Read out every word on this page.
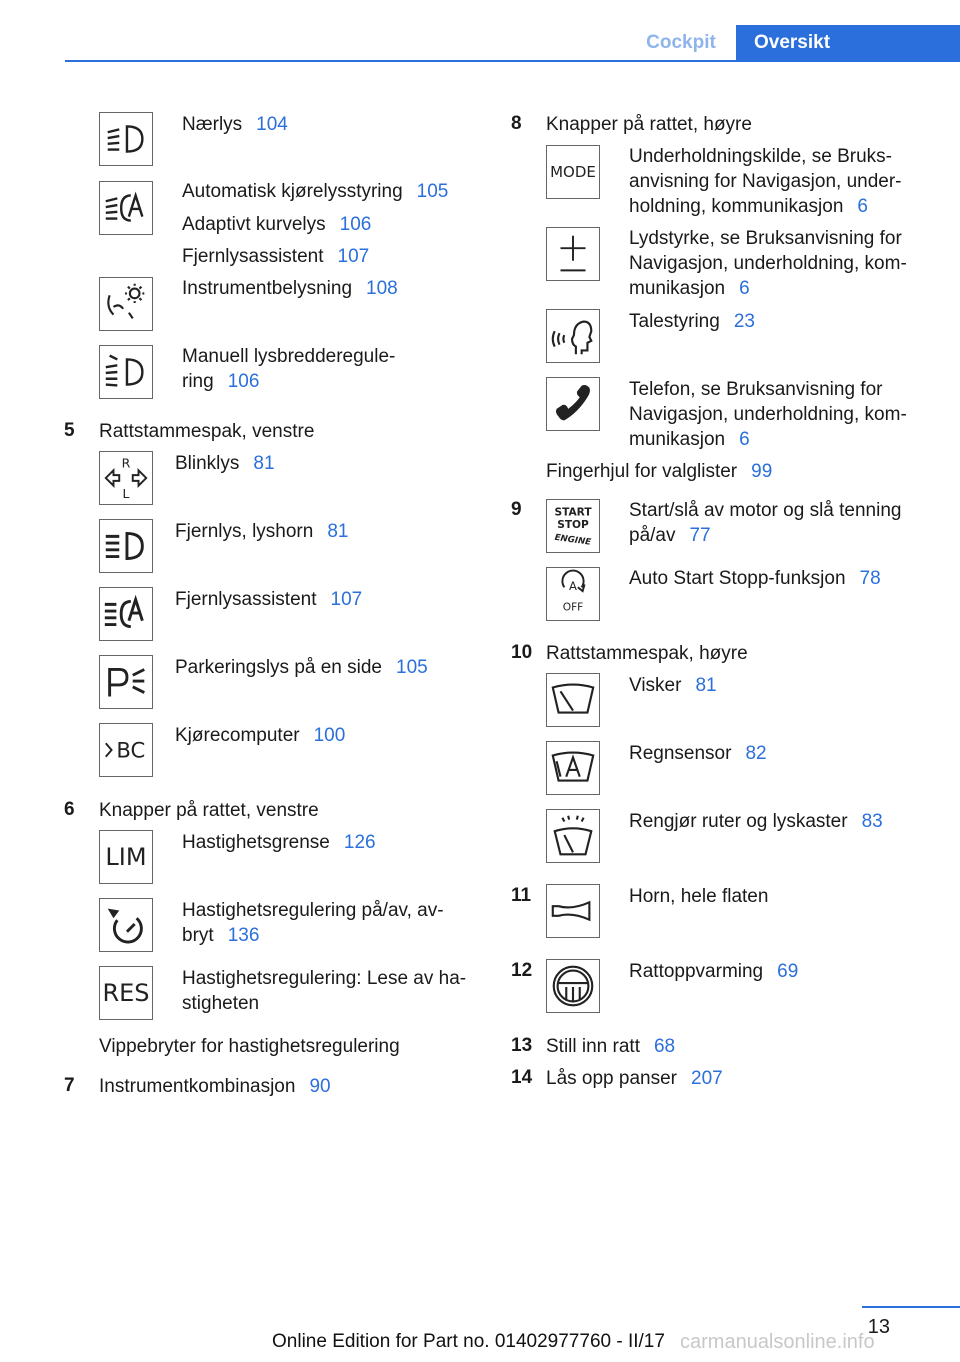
Cockpit	Oversikt
Nærlys 104
Automatisk kjørelysstyring 105
Adaptivt kurvelys 106
Fjernlysassistent 107
Instrumentbelysning 108
Manuell lysbredderegule-
ring 106
5 Rattstammespak, venstre
R
L
Blinklys 81
Fjernlys, lyshorn 81
Fjernlysassistent 107
Parkeringslys på en side 105
BC
Kjørecomputer 100
6 Knapper på rattet, venstre
LIM
Hastighetsgrense 126
Hastighetsregulering på/av, av-
bryt 136
RES
Hastighetsregulering: Lese av ha-
stigheten
Vippebryter for hastighetsregulering
7 Instrumentkombinasjon 90
8 Knapper på rattet, høyre
MODE
Underholdningskilde, se Bruks-
anvisning for Navigasjon, under-
holdning, kommunikasjon 6
Lydstyrke, se Bruksanvisning for
Navigasjon, underholdning, kom-
munikasjon 6
Talestyring 23
Telefon, se Bruksanvisning for
Navigasjon, underholdning, kom-
munikasjon 6
Fingerhjul for valglister 99
9	START
STOP
ENGINE
Start/slå av motor og slå tenning
på/av 77
A
OFF
Auto Start Stopp-funksjon 78
10 Rattstammespak, høyre
Visker 81
Regnsensor 82
Rengjør ruter og lyskaster 83
11	Horn, hele flaten
12	Rattoppvarming 69
13 Still inn ratt 68
14 Lås opp panser 207
13
Online Edition for Part no. 01402977760 - II/17 carmanualsonline.info
